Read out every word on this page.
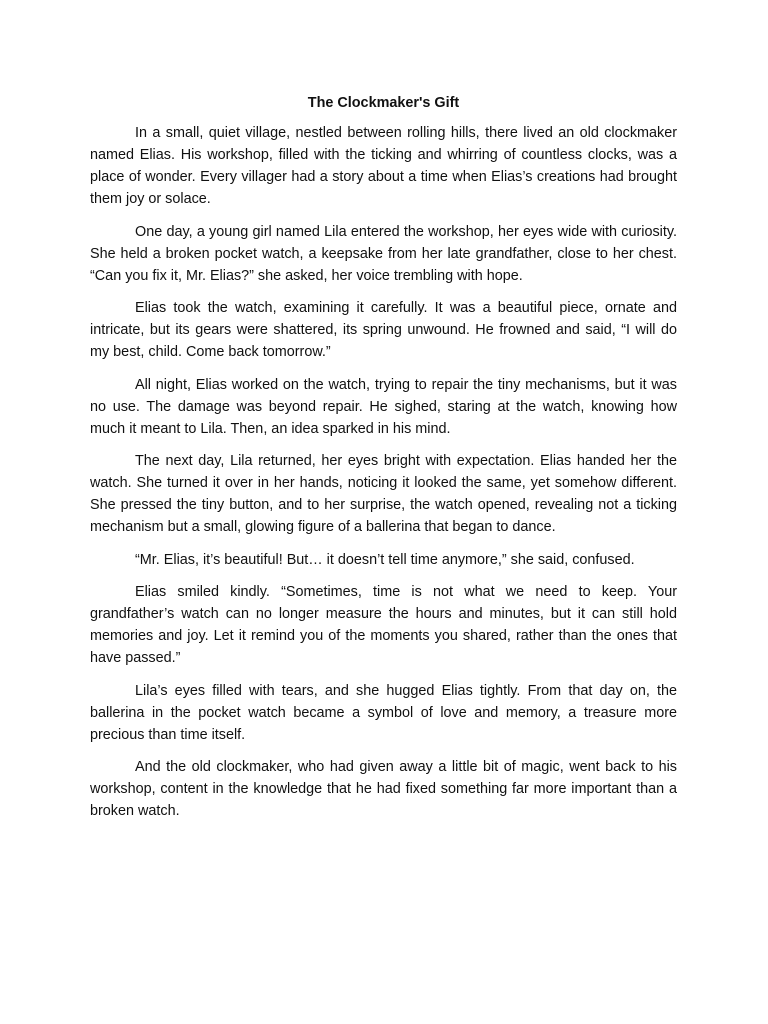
The Clockmaker's Gift

In a small, quiet village, nestled between rolling hills, there lived an old clockmaker named Elias. His workshop, filled with the ticking and whirring of countless clocks, was a place of wonder. Every villager had a story about a time when Elias’s creations had brought them joy or solace.

One day, a young girl named Lila entered the workshop, her eyes wide with curiosity. She held a broken pocket watch, a keepsake from her late grandfather, close to her chest. “Can you fix it, Mr. Elias?” she asked, her voice trembling with hope.

Elias took the watch, examining it carefully. It was a beautiful piece, ornate and intricate, but its gears were shattered, its spring unwound. He frowned and said, “I will do my best, child. Come back tomorrow.”

All night, Elias worked on the watch, trying to repair the tiny mechanisms, but it was no use. The damage was beyond repair. He sighed, staring at the watch, knowing how much it meant to Lila. Then, an idea sparked in his mind.

The next day, Lila returned, her eyes bright with expectation. Elias handed her the watch. She turned it over in her hands, noticing it looked the same, yet somehow different. She pressed the tiny button, and to her surprise, the watch opened, revealing not a ticking mechanism but a small, glowing figure of a ballerina that began to dance.

“Mr. Elias, it’s beautiful! But… it doesn’t tell time anymore,” she said, confused.

Elias smiled kindly. “Sometimes, time is not what we need to keep. Your grandfather’s watch can no longer measure the hours and minutes, but it can still hold memories and joy. Let it remind you of the moments you shared, rather than the ones that have passed.”

Lila’s eyes filled with tears, and she hugged Elias tightly. From that day on, the ballerina in the pocket watch became a symbol of love and memory, a treasure more precious than time itself.

And the old clockmaker, who had given away a little bit of magic, went back to his workshop, content in the knowledge that he had fixed something far more important than a broken watch.
